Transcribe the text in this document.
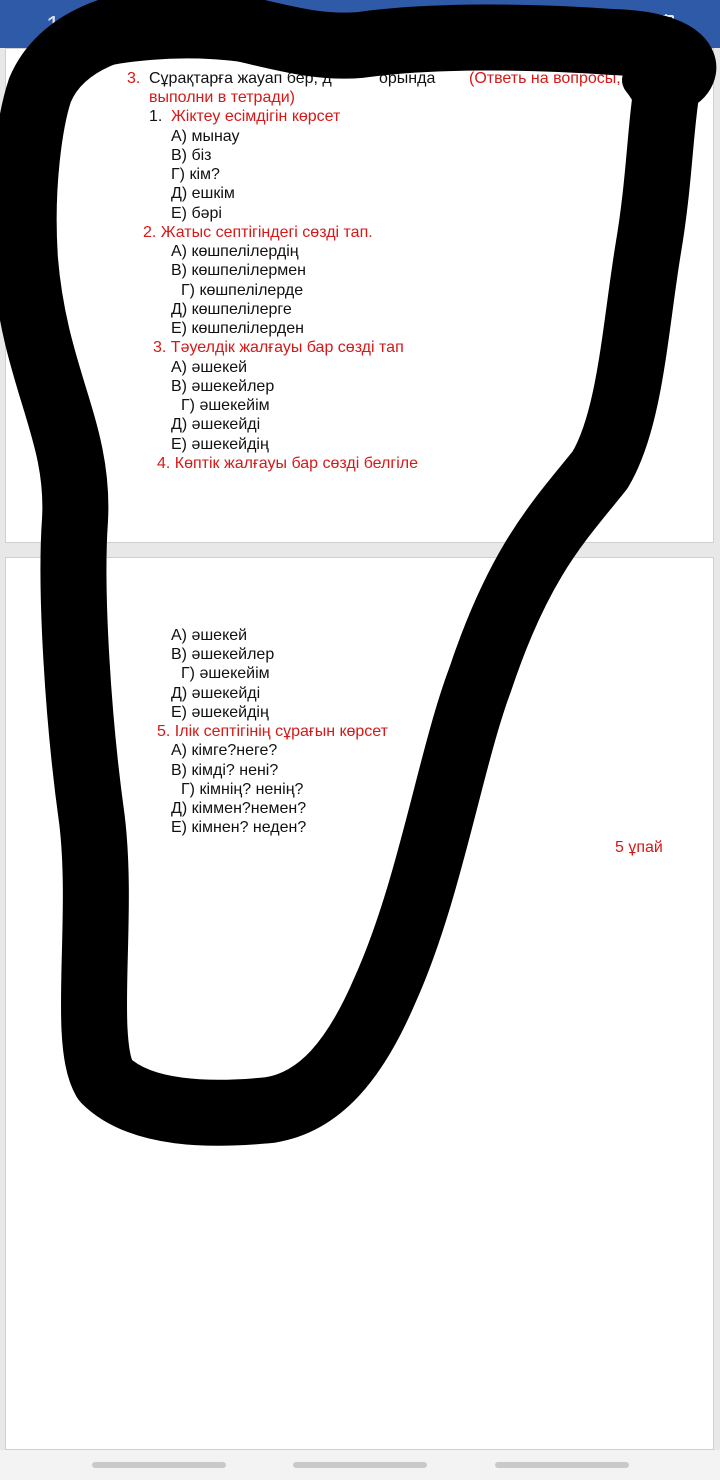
16:	◔ ⫶ 2%
ϟ
3. Сұрақтарға жауап бер, д	орында (Ответь на вопросы,
выполни в тетради)
1. Жіктеу есімдігін көрсет
А) мынау
В) біз
Г) кім?
Д) ешкім
Е) бәрі
2. Жатыс септігіндегі сөзді тап.
А) көшпелілердің
В) көшпелілермен
Г) көшпелілерде
Д) көшпелілерге
Е) көшпелілерден
3. Тәуелдік жалғауы бар сөзді тап
А) әшекей
В) әшекейлер
Г) әшекейім
Д) әшекейді
Е) әшекейдің
4. Көптік жалғауы бар сөзді белгіле
А) әшекей
В) әшекейлер
Г) әшекейім
Д) әшекейді
Е) әшекейдің
5. Ілік септігінің сұрағын көрсет
А) кімге?неге?
В) кімді? нені?
Г) кімнің? ненің?
Д) кіммен?немен?
Е) кімнен? неден?
5 ұпай
